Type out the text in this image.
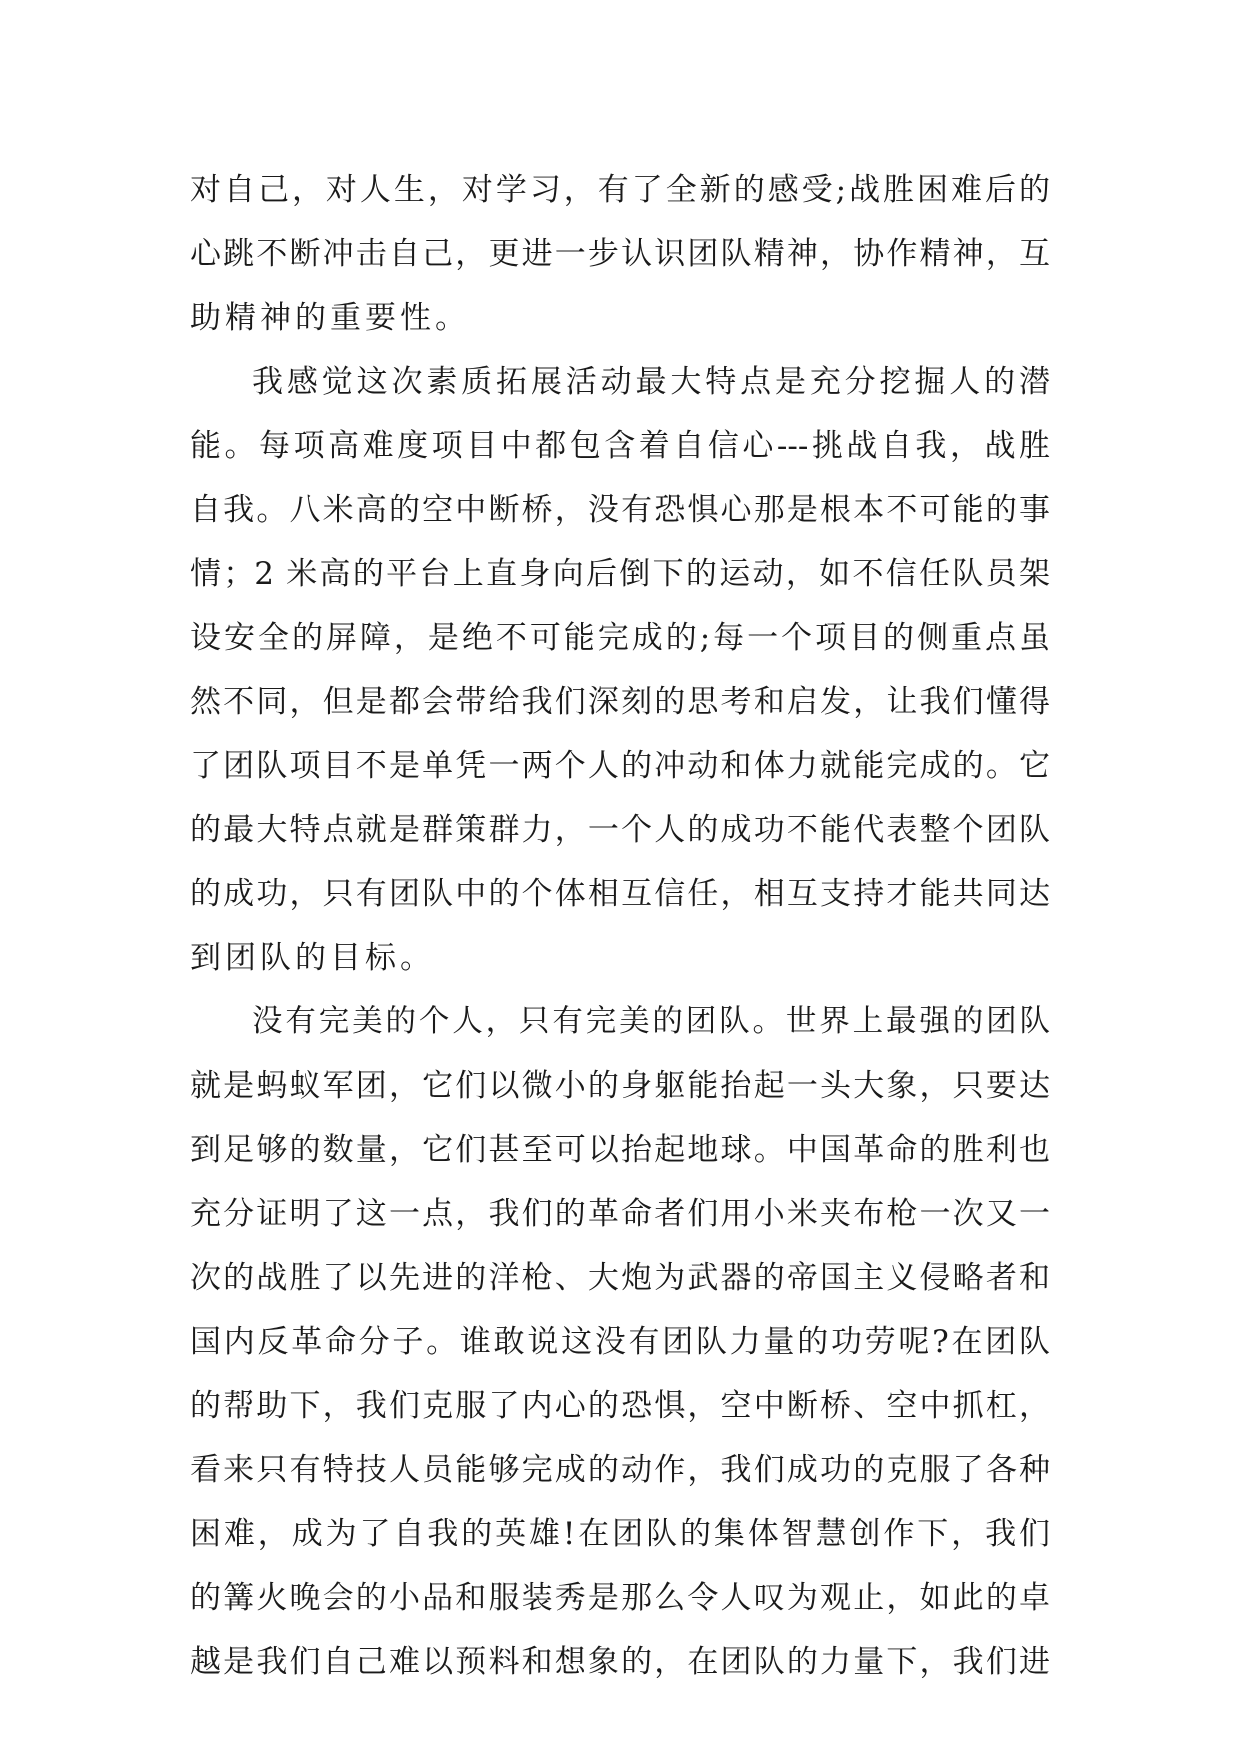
对自己，对人生，对学习，有了全新的感受;战胜困难后的
心跳不断冲击自己，更进一步认识团队精神，协作精神，互
助精神的重要性。
我感觉这次素质拓展活动最大特点是充分挖掘人的潜
能。每项高难度项目中都包含着自信心---挑战自我，战胜
自我。八米高的空中断桥，没有恐惧心那是根本不可能的事
情；2 米高的平台上直身向后倒下的运动，如不信任队员架
设安全的屏障，是绝不可能完成的;每一个项目的侧重点虽
然不同，但是都会带给我们深刻的思考和启发，让我们懂得
了团队项目不是单凭一两个人的冲动和体力就能完成的。它
的最大特点就是群策群力，一个人的成功不能代表整个团队
的成功，只有团队中的个体相互信任，相互支持才能共同达
到团队的目标。
没有完美的个人，只有完美的团队。世界上最强的团队
就是蚂蚁军团，它们以微小的身躯能抬起一头大象，只要达
到足够的数量，它们甚至可以抬起地球。中国革命的胜利也
充分证明了这一点，我们的革命者们用小米夹布枪一次又一
次的战胜了以先进的洋枪、大炮为武器的帝国主义侵略者和
国内反革命分子。谁敢说这没有团队力量的功劳呢?在团队
的帮助下，我们克服了内心的恐惧，空中断桥、空中抓杠，
看来只有特技人员能够完成的动作，我们成功的克服了各种
困难，成为了自我的英雄!在团队的集体智慧创作下，我们
的篝火晚会的小品和服装秀是那么令人叹为观止，如此的卓
越是我们自己难以预料和想象的，在团队的力量下，我们进
